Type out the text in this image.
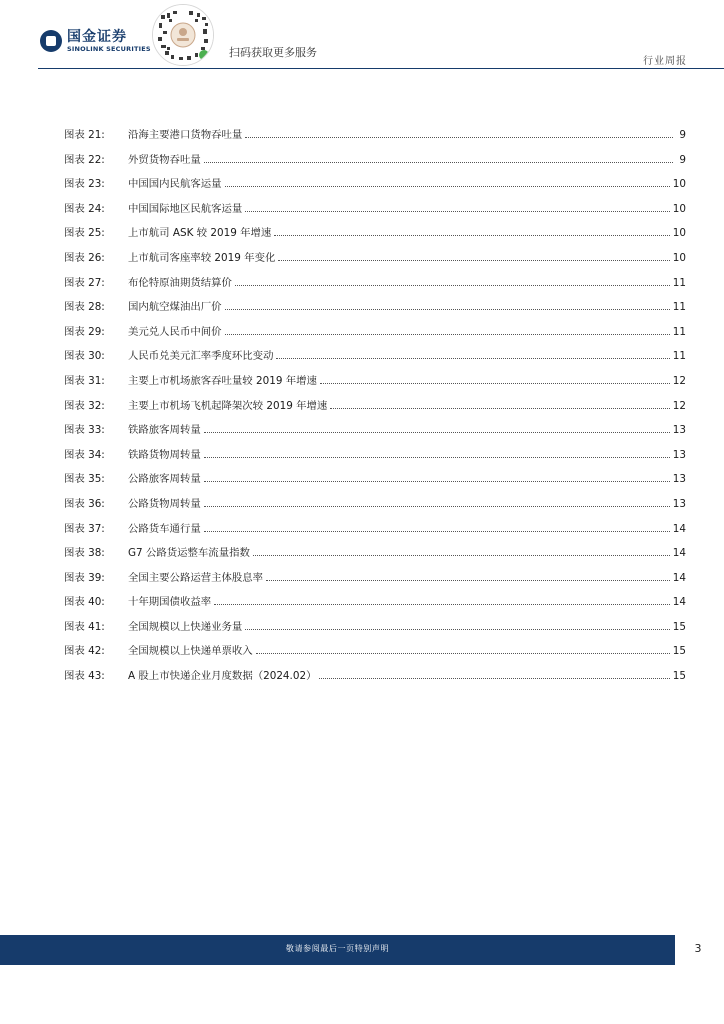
国金证券
SINOLINK SECURITIES	扫码获取更多服务
行业周报
图表 21:	沿海主要港口货物吞吐量	9
图表 22:	外贸货物吞吐量	9
图表 23:	中国国内民航客运量	10
图表 24:	中国国际地区民航客运量	10
图表 25:	上市航司 ASK 较 2019 年增速	10
图表 26:	上市航司客座率较 2019 年变化	10
图表 27:	布伦特原油期货结算价	11
图表 28:	国内航空煤油出厂价	11
图表 29:	美元兑人民币中间价	11
图表 30:	人民币兑美元汇率季度环比变动	11
图表 31:	主要上市机场旅客吞吐量较 2019 年增速	12
图表 32:	主要上市机场飞机起降架次较 2019 年增速	12
图表 33:	铁路旅客周转量	13
图表 34:	铁路货物周转量	13
图表 35:	公路旅客周转量	13
图表 36:	公路货物周转量	13
图表 37:	公路货车通行量	14
图表 38:	G7 公路货运整车流量指数	14
图表 39:	全国主要公路运营主体股息率	14
图表 40:	十年期国债收益率	14
图表 41:	全国规模以上快递业务量	15
图表 42:	全国规模以上快递单票收入	15
图表 43:	A 股上市快递企业月度数据（2024.02）	15
敬请参阅最后一页特别声明	3
